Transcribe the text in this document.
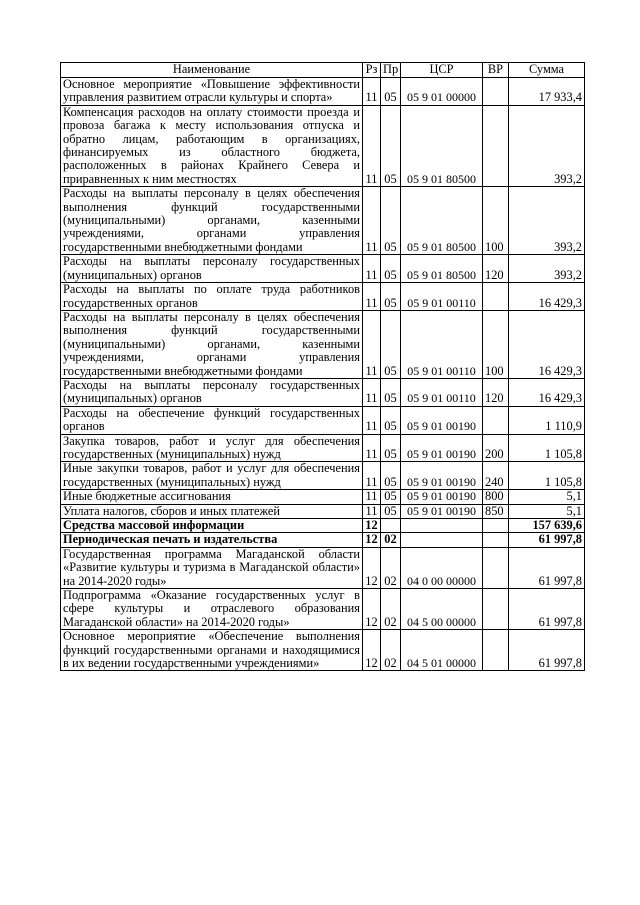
Наименование	Рз	Пр	ЦСР	ВР	Сумма
Основное мероприятие «Повышение эффективности управления развитием отрасли культуры и спорта»	11	05	05 9 01 00000		17 933,4
Компенсация расходов на оплату стоимости проезда и провоза багажа к месту использования отпуска и обратно лицам, работающим в организациях, финансируемых из областного бюджета, расположенных в районах Крайнего Севера и приравненных к ним местностях	11	05	05 9 01 80500		393,2
Расходы на выплаты персоналу в целях обеспечения выполнения функций государственными (муниципальными) органами, казенными учреждениями, органами управления государственными внебюджетными фондами	11	05	05 9 01 80500	100	393,2
Расходы на выплаты персоналу государственных (муниципальных) органов	11	05	05 9 01 80500	120	393,2
Расходы на выплаты по оплате труда работников государственных органов	11	05	05 9 01 00110		16 429,3
Расходы на выплаты персоналу в целях обеспечения выполнения функций государственными (муниципальными) органами, казенными учреждениями, органами управления государственными внебюджетными фондами	11	05	05 9 01 00110	100	16 429,3
Расходы на выплаты персоналу государственных (муниципальных) органов	11	05	05 9 01 00110	120	16 429,3
Расходы на обеспечение функций государственных органов	11	05	05 9 01 00190		1 110,9
Закупка товаров, работ и услуг для обеспечения государственных (муниципальных) нужд	11	05	05 9 01 00190	200	1 105,8
Иные закупки товаров, работ и услуг для обеспечения государственных (муниципальных) нужд	11	05	05 9 01 00190	240	1 105,8
Иные бюджетные ассигнования	11	05	05 9 01 00190	800	5,1
Уплата налогов, сборов и иных платежей	11	05	05 9 01 00190	850	5,1
Средства массовой информации	12				157 639,6
Периодическая печать и издательства	12	02			61 997,8
Государственная программа Магаданской области «Развитие культуры и туризма в Магаданской области» на 2014-2020 годы»	12	02	04 0 00 00000		61 997,8
Подпрограмма «Оказание государственных услуг в сфере культуры и отраслевого образования Магаданской области» на 2014-2020 годы»	12	02	04 5 00 00000		61 997,8
Основное мероприятие «Обеспечение выполнения функций государственными органами и находящимися в их ведении государственными учреждениями»	12	02	04 5 01 00000		61 997,8
